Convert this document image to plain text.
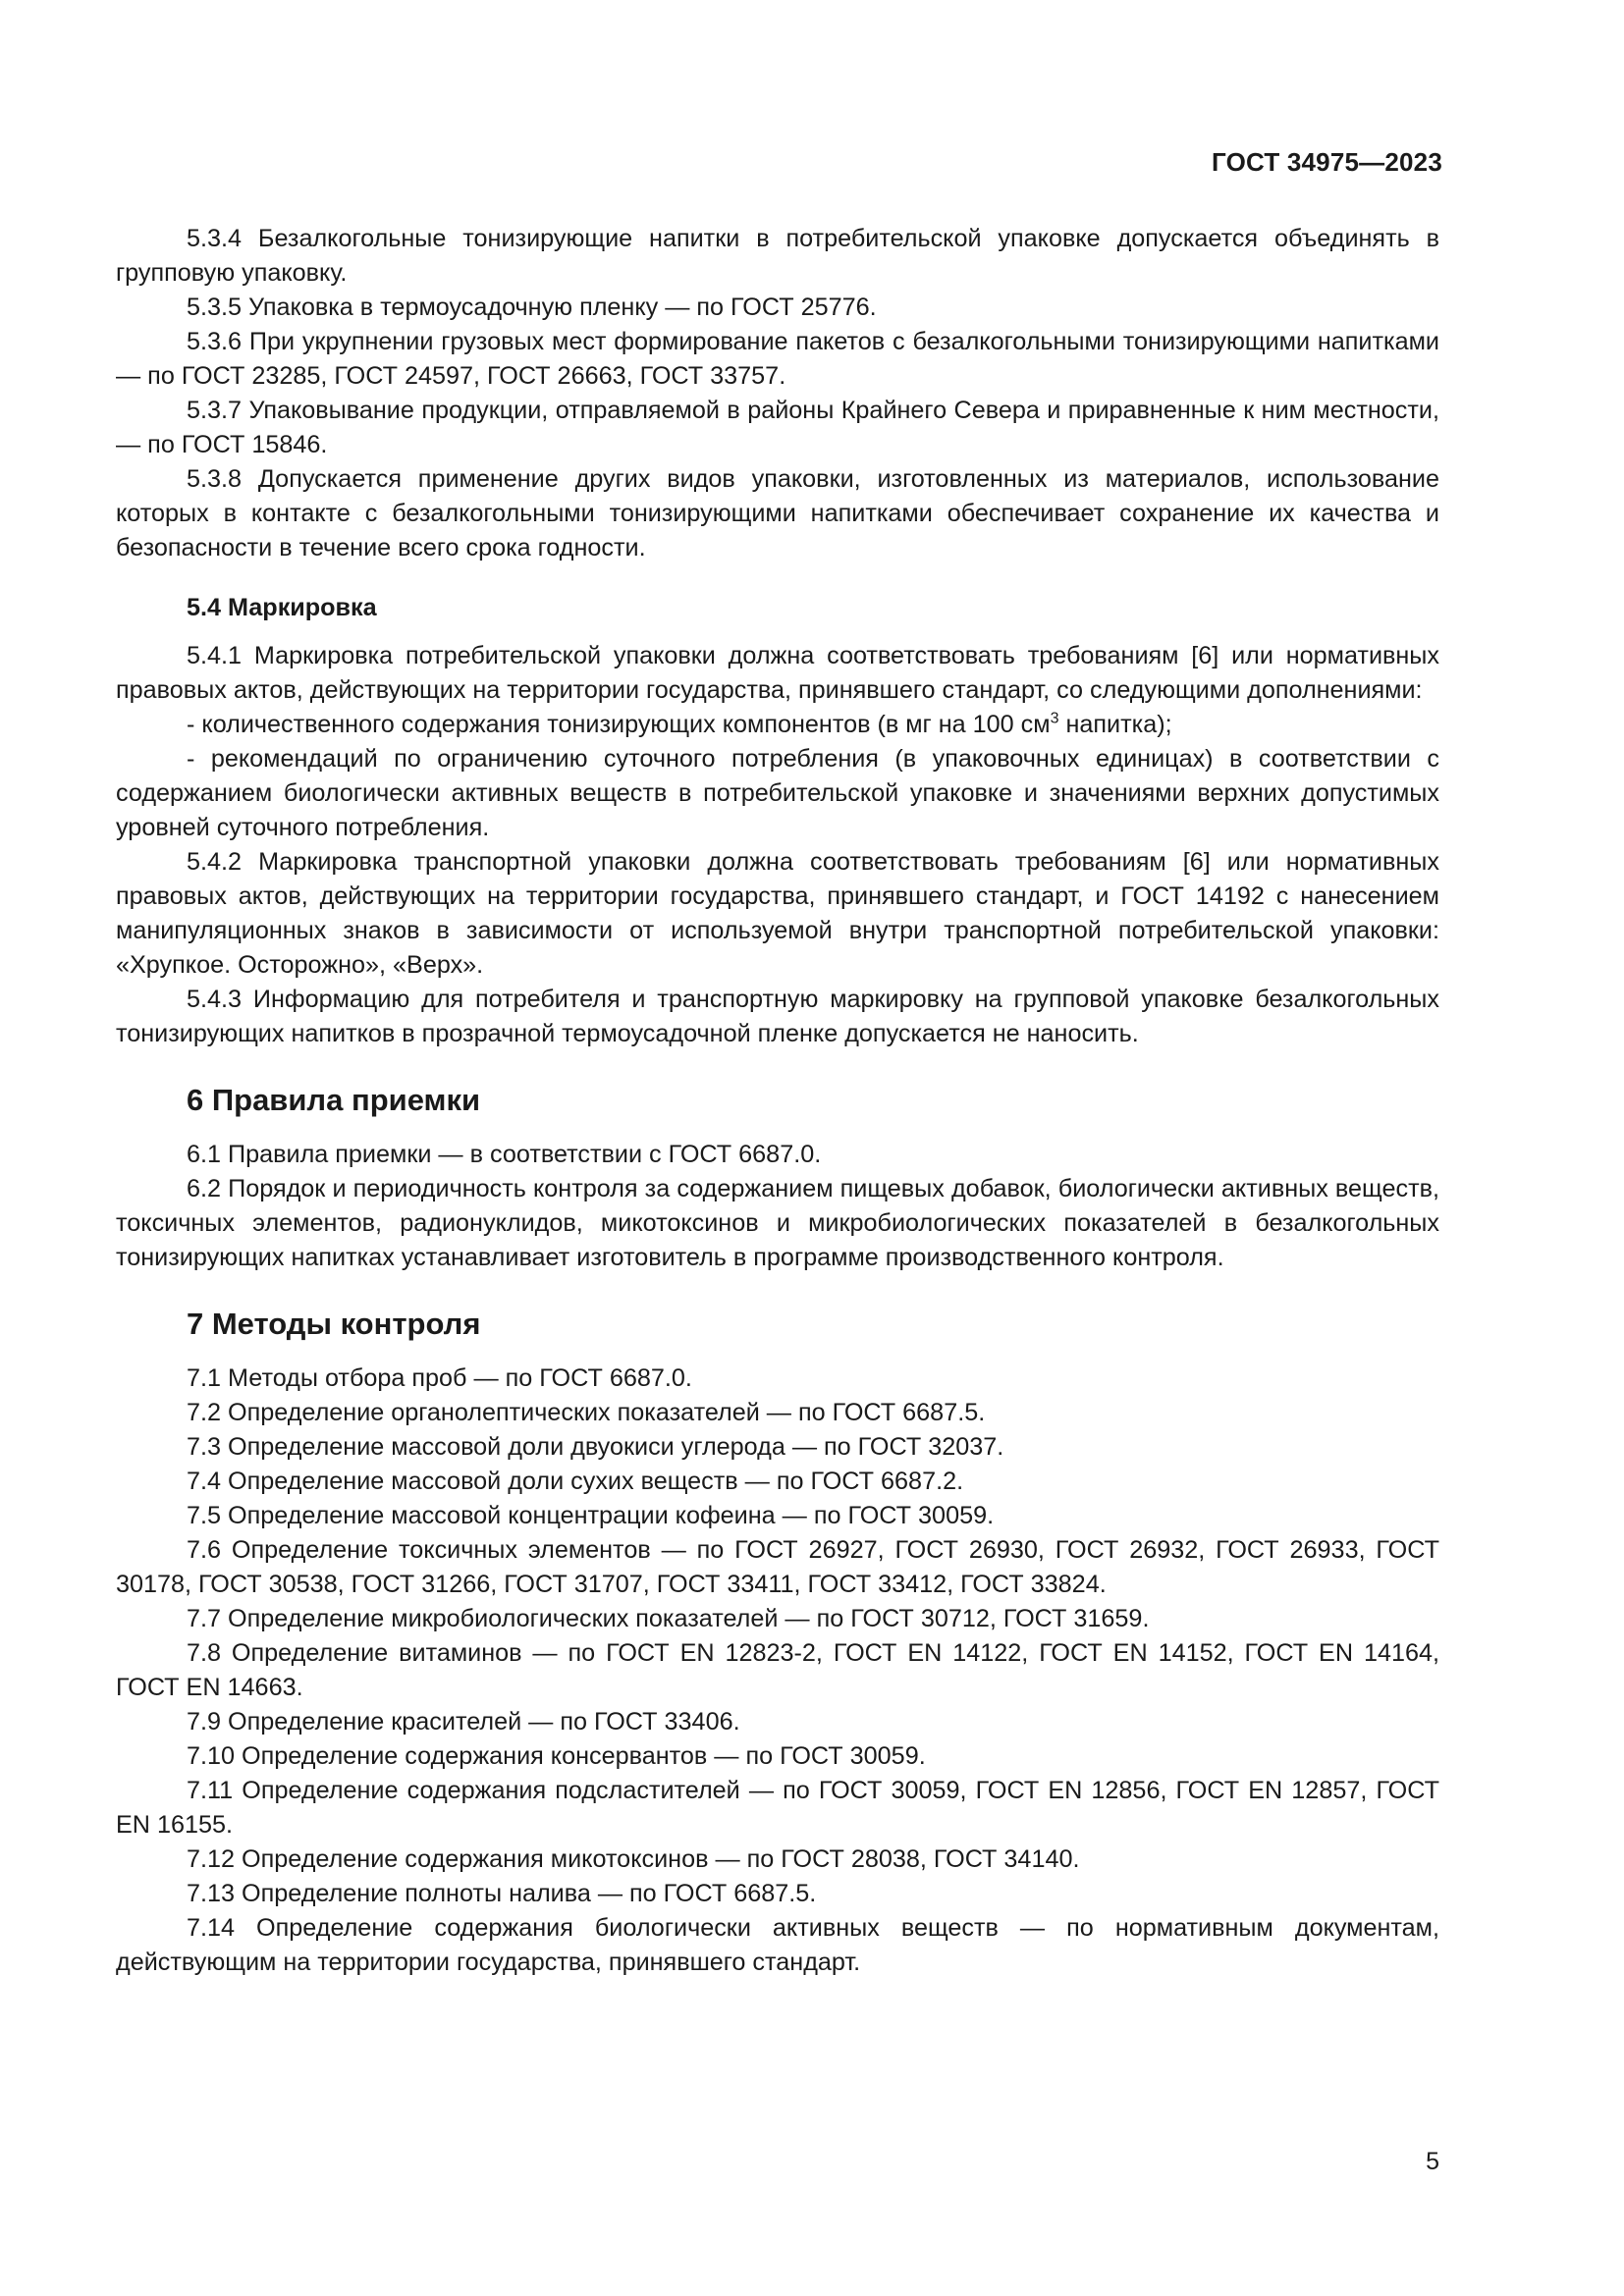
ГОСТ 34975—2023

5.3.4 Безалкогольные тонизирующие напитки в потребительской упаковке допускается объединять в групповую упаковку.

5.3.5 Упаковка в термоусадочную пленку — по ГОСТ 25776.

5.3.6 При укрупнении грузовых мест формирование пакетов с безалкогольными тонизирующими напитками — по ГОСТ 23285, ГОСТ 24597, ГОСТ 26663, ГОСТ 33757.

5.3.7 Упаковывание продукции, отправляемой в районы Крайнего Севера и приравненные к ним местности, — по ГОСТ 15846.

5.3.8 Допускается применение других видов упаковки, изготовленных из материалов, использование которых в контакте с безалкогольными тонизирующими напитками обеспечивает сохранение их качества и безопасности в течение всего срока годности.

5.4 Маркировка

5.4.1 Маркировка потребительской упаковки должна соответствовать требованиям [6] или нормативных правовых актов, действующих на территории государства, принявшего стандарт, со следующими дополнениями:

- количественного содержания тонизирующих компонентов (в мг на 100 $см^3$ напитка);

- рекомендаций по ограничению суточного потребления (в упаковочных единицах) в соответствии с содержанием биологически активных веществ в потребительской упаковке и значениями верхних допустимых уровней суточного потребления.

5.4.2 Маркировка транспортной упаковки должна соответствовать требованиям [6] или нормативных правовых актов, действующих на территории государства, принявшего стандарт, и ГОСТ 14192 с нанесением манипуляционных знаков в зависимости от используемой внутри транспортной потребительской упаковки: «Хрупкое. Осторожно», «Верх».

5.4.3 Информацию для потребителя и транспортную маркировку на групповой упаковке безалкогольных тонизирующих напитков в прозрачной термоусадочной пленке допускается не наносить.

6 Правила приемки

6.1 Правила приемки — в соответствии с ГОСТ 6687.0.

6.2 Порядок и периодичность контроля за содержанием пищевых добавок, биологически активных веществ, токсичных элементов, радионуклидов, микотоксинов и микробиологических показателей в безалкогольных тонизирующих напитках устанавливает изготовитель в программе производственного контроля.

7 Методы контроля

7.1 Методы отбора проб — по ГОСТ 6687.0.

7.2 Определение органолептических показателей — по ГОСТ 6687.5.

7.3 Определение массовой доли двуокиси углерода — по ГОСТ 32037.

7.4 Определение массовой доли сухих веществ — по ГОСТ 6687.2.

7.5 Определение массовой концентрации кофеина — по ГОСТ 30059.

7.6 Определение токсичных элементов — по ГОСТ 26927, ГОСТ 26930, ГОСТ 26932, ГОСТ 26933, ГОСТ 30178, ГОСТ 30538, ГОСТ 31266, ГОСТ 31707, ГОСТ 33411, ГОСТ 33412, ГОСТ 33824.

7.7 Определение микробиологических показателей — по ГОСТ 30712, ГОСТ 31659.

7.8 Определение витаминов — по ГОСТ EN 12823-2, ГОСТ EN 14122, ГОСТ EN 14152, ГОСТ EN 14164, ГОСТ EN 14663.

7.9 Определение красителей — по ГОСТ 33406.

7.10 Определение содержания консервантов — по ГОСТ 30059.

7.11 Определение содержания подсластителей — по ГОСТ 30059, ГОСТ EN 12856, ГОСТ EN 12857, ГОСТ EN 16155.

7.12 Определение содержания микотоксинов — по ГОСТ 28038, ГОСТ 34140.

7.13 Определение полноты налива — по ГОСТ 6687.5.

7.14 Определение содержания биологически активных веществ — по нормативным документам, действующим на территории государства, принявшего стандарт.

5
